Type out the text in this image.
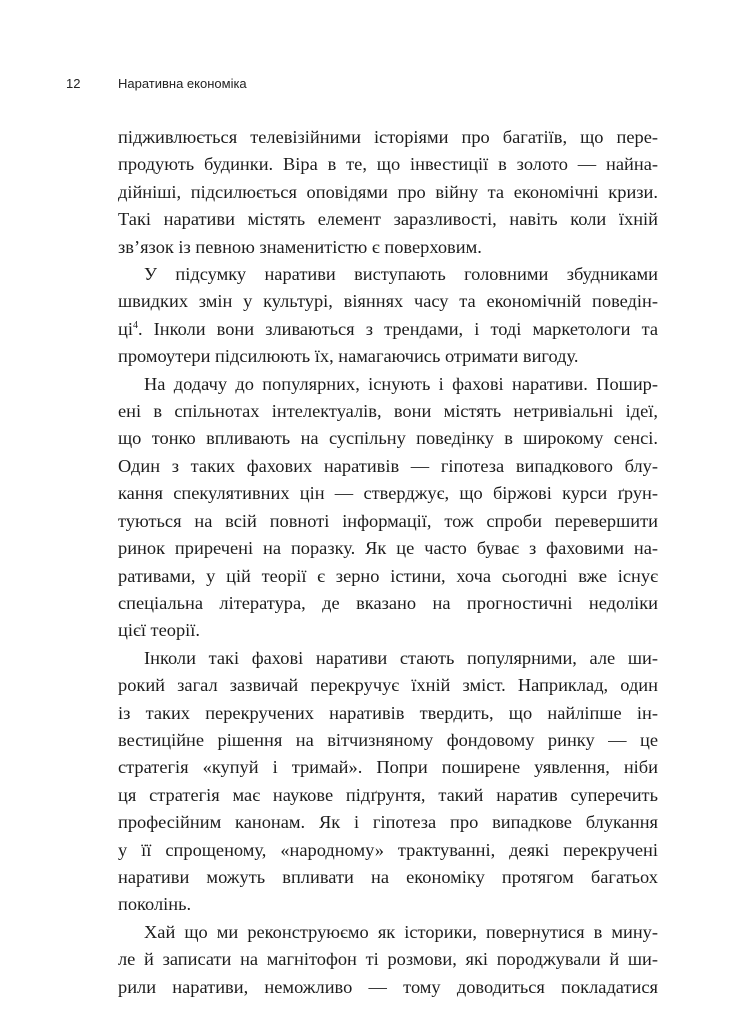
12	Наративна економіка
підживлюється телевізійними історіями про багатіїв, що пере-
продують будинки. Віра в те, що інвестиції в золото — найна-
дійніші, підсилюється оповідями про війну та економічні кризи.
Такі наративи містять елемент заразливості, навіть коли їхній
зв’язок із певною знаменитістю є поверховим.
У підсумку наративи виступають головними збудниками
швидких змін у культурі, віяннях часу та економічній поведін-
$ці^4$. Інколи вони зливаються з трендами, і тоді маркетологи та
промоутери підсилюють їх, намагаючись отримати вигоду.
На додачу до популярних, існують і фахові наративи. Пошир-
ені в спільнотах інтелектуалів, вони містять нетривіальні ідеї,
що тонко впливають на суспільну поведінку в широкому сенсі.
Один з таких фахових наративів — гіпотеза випадкового блу-
кання спекулятивних цін — стверджує, що біржові курси ґрун-
туються на всій повноті інформації, тож спроби перевершити
ринок приречені на поразку. Як це часто буває з фаховими на-
ративами, у цій теорії є зерно істини, хоча сьогодні вже існує
спеціальна література, де вказано на прогностичні недоліки
цієї теорії.
Інколи такі фахові наративи стають популярними, але ши-
рокий загал зазвичай перекручує їхній зміст. Наприклад, один
із таких перекручених наративів твердить, що найліпше ін-
вестиційне рішення на вітчизняному фондовому ринку — це
стратегія «купуй і тримай». Попри поширене уявлення, ніби
ця стратегія має наукове підґрунтя, такий наратив суперечить
професійним канонам. Як і гіпотеза про випадкове блукання
у її спрощеному, «народному» трактуванні, деякі перекручені
наративи можуть впливати на економіку протягом багатьох
поколінь.
Хай що ми реконструюємо як історики, повернутися в мину-
ле й записати на магнітофон ті розмови, які породжували й ши-
рили наративи, неможливо — тому доводиться покладатися
